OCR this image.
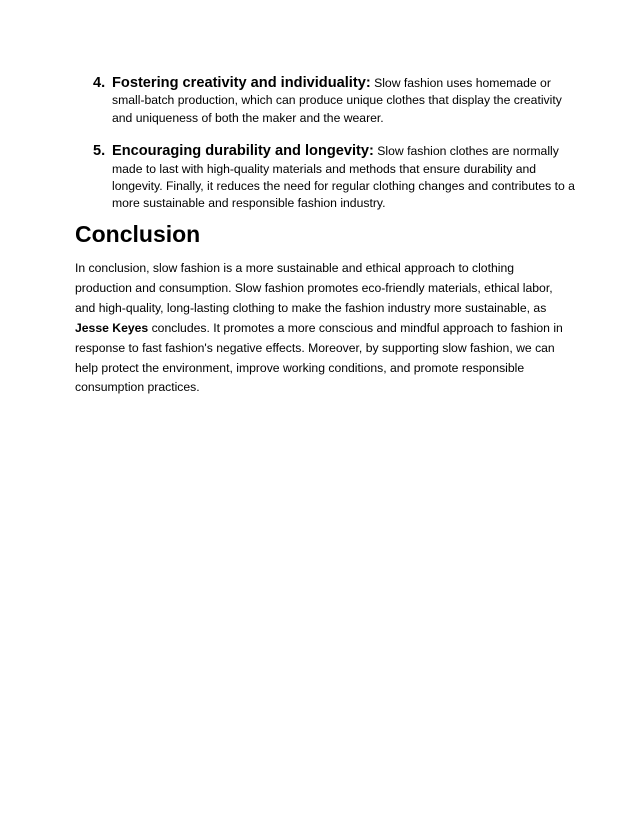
4. Fostering creativity and individuality: Slow fashion uses homemade or small-batch production, which can produce unique clothes that display the creativity and uniqueness of both the maker and the wearer.
5. Encouraging durability and longevity: Slow fashion clothes are normally made to last with high-quality materials and methods that ensure durability and longevity. Finally, it reduces the need for regular clothing changes and contributes to a more sustainable and responsible fashion industry.
Conclusion

In conclusion, slow fashion is a more sustainable and ethical approach to clothing production and consumption. Slow fashion promotes eco-friendly materials, ethical labor, and high-quality, long-lasting clothing to make the fashion industry more sustainable, as Jesse Keyes concludes. It promotes a more conscious and mindful approach to fashion in response to fast fashion's negative effects. Moreover, by supporting slow fashion, we can help protect the environment, improve working conditions, and promote responsible consumption practices.
